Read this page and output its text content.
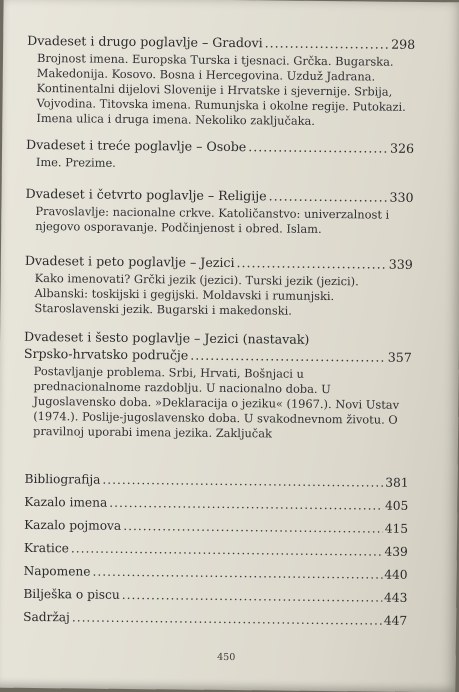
Dvadeset i drugo poglavlje – Gradovi .....	298
Brojnost imena. Europska Turska i tjesnaci. Grčka. Bugarska.
Makedonija. Kosovo. Bosna i Hercegovina. Uzduž Jadrana.
Kontinentalni dijelovi Slovenije i Hrvatske i sjevernije. Srbija,
Vojvodina. Titovska imena. Rumunjska i okolne regije. Putokazi.
Imena ulica i druga imena. Nekoliko zaključaka.
Dvadeset i treće poglavlje – Osobe .....	326
Ime. Prezime.
Dvadeset i četvrto poglavlje – Religije .....	330
Pravoslavlje: nacionalne crkve. Katoličanstvo: univerzalnost i
njegovo osporavanje. Podčinjenost i obred. Islam.
Dvadeset i peto poglavlje – Jezici .....	339
Kako imenovati? Grčki jezik (jezici). Turski jezik (jezici).
Albanski: toskijski i gegijski. Moldavski i rumunjski.
Staroslavenski jezik. Bugarski i makedonski.
Dvadeset i šesto poglavlje – Jezici (nastavak)
Srpsko-hrvatsko područje .....	357
Postavljanje problema. Srbi, Hrvati, Bošnjaci u
prednacionalnome razdoblju. U nacionalno doba. U
Jugoslavensko doba. »Deklaracija o jeziku« (1967.). Novi Ustav
(1974.). Poslije-jugoslavensko doba. U svakodnevnom životu. O
pravilnoj uporabi imena jezika. Zaključak
Bibliografija .....	381
Kazalo imena .....	405
Kazalo pojmova .....	415
Kratice .....	439
Napomene .....	440
Bilješka o piscu .....	443
Sadržaj .....	447
450
